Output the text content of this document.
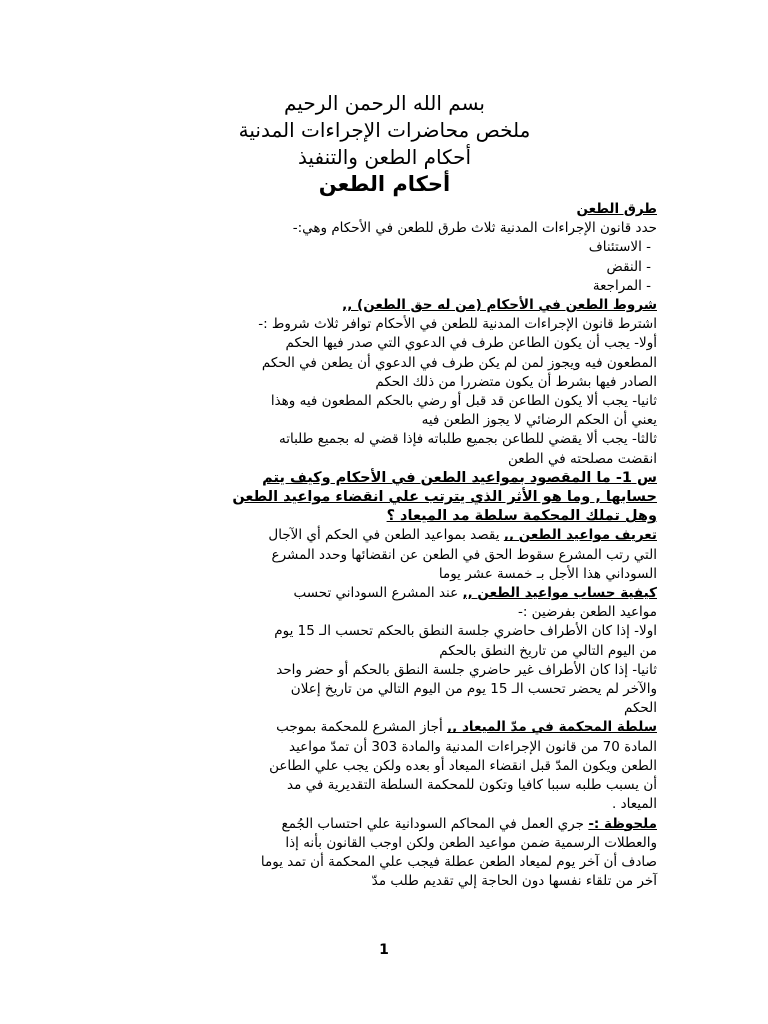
بسم الله الرحمن الرحيم
ملخص محاضرات الإجراءات المدنية
أحكام الطعن والتنفيذ
أحكام الطعن

طرق الطعن

حدد قانون الإجراءات المدنية ثلاث طرق للطعن في الأحكام وهي:-

- الاستئناف

- النقض

- المراجعة

شروط الطعن في الأحكام (من له حق الطعن) ,,

اشترط قانون الإجراءات المدنية للطعن في الأحكام توافر ثلاث شروط :-

أولا- يجب أن يكون الطاعن طرف في الدعوي التي صدر فيها الحكم

المطعون فيه ويجوز لمن لم يكن طرف في الدعوي أن يطعن في الحكم

الصادر فيها بشرط أن يكون متضررا من ذلك الحكم

ثانيا- يجب ألا يكون الطاعن قد قبل أو رضي بالحكم المطعون فيه وهذا

يعني أن الحكم الرضائي لا يجوز الطعن فيه

ثالثا- يجب ألا يقضي للطاعن بجميع طلباته فإذا قضي له بجميع طلباته

انقضت مصلحته في الطعن

س 1- ما المقصود بمواعيد الطعن في الأحكام وكيف يتم

حسابها , وما هو الأثر الذي يترتب علي انقضاء مواعيد الطعن

وهل تملك المحكمة سلطة مد الميعاد ؟

تعريف مواعيد الطعن ,, يقصد بمواعيد الطعن في الحكم أي الآجال

التي رتب المشرع سقوط الحق في الطعن عن انقضائها وحدد المشرع

السوداني هذا الأجل بـ خمسة عشر يوما

كيفية حساب مواعيد الطعن ,, عند المشرع السوداني تحسب

مواعيد الطعن بفرضين :-

اولا- إذا كان الأطراف حاضري جلسة النطق بالحكم تحسب الـ 15 يوم

من اليوم التالي من تاريخ النطق بالحكم

ثانيا- إذا كان الأطراف غير حاضري جلسة النطق بالحكم أو حضر واحد

والآخر لم يحضر تحسب الـ 15 يوم من اليوم التالي من تاريخ إعلان

الحكم

سلطة المحكمة في مدّ الميعاد ,, أجاز المشرع للمحكمة بموجب

المادة 70 من قانون الإجراءات المدنية والمادة 303 أن تمدّ مواعيد

الطعن ويكون المدّ قبل انقضاء الميعاد أو بعده ولكن يجب علي الطاعن

أن يسبب طلبه سببا كافيا وتكون للمحكمة السلطة التقديرية في مد

الميعاد .

ملحوظة :- جري العمل في المحاكم السودانية علي احتساب الجُمع

والعطلات الرسمية ضمن مواعيد الطعن ولكن اوجب القانون بأنه إذا

صادف أن آخر يوم لميعاد الطعن عطلة فيجب علي المحكمة أن تمد يوما

آخر من تلقاء نفسها دون الحاجة إلي تقديم طلب مدّ

1
